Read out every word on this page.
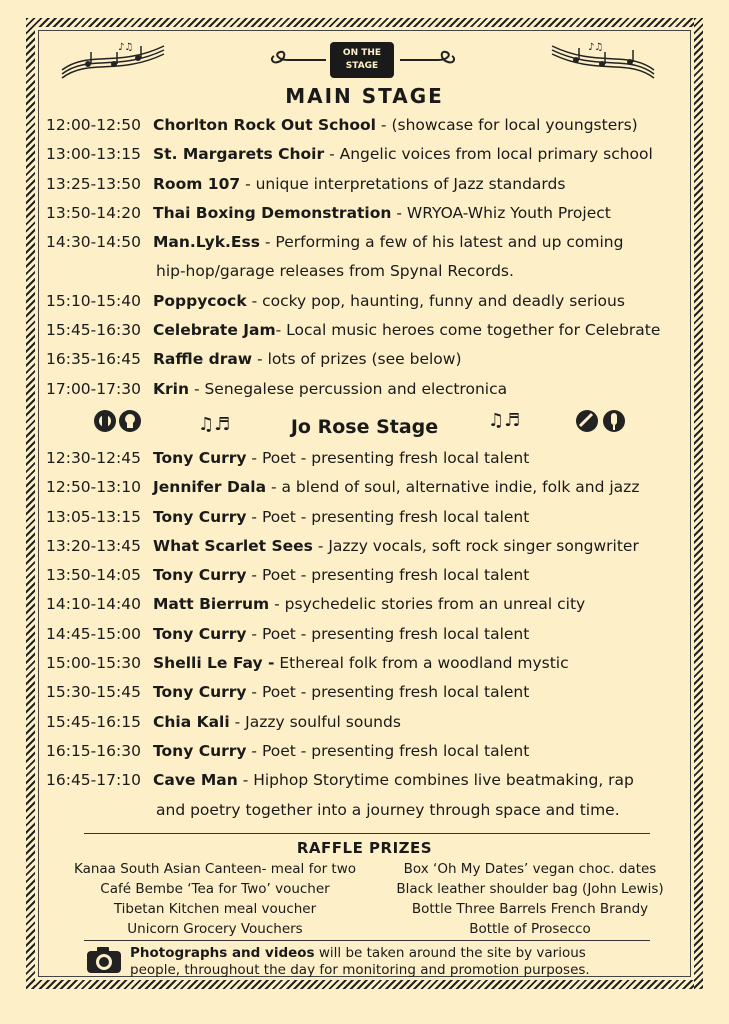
♪♫	♪♫
ON THE
STAGE
MAIN STAGE
12:00-12:50 Chorlton Rock Out School - (showcase for local youngsters)
13:00-13:15 St. Margarets Choir - Angelic voices from local primary school
13:25-13:50 Room 107 - unique interpretations of Jazz standards
13:50-14:20 Thai Boxing Demonstration - WRYOA-Whiz Youth Project
14:30-14:50 Man.Lyk.Ess - Performing a few of his latest and up coming
hip-hop/garage releases from Spynal Records.
15:10-15:40 Poppycock - cocky pop, haunting, funny and deadly serious
15:45-16:30 Celebrate Jam- Local music heroes come together for Celebrate
16:35-16:45 Raffle draw - lots of prizes (see below)
17:00-17:30 Krin - Senegalese percussion and electronica
♫♬	Jo Rose Stage	♫♬
12:30-12:45 Tony Curry - Poet - presenting fresh local talent
12:50-13:10 Jennifer Dala - a blend of soul, alternative indie, folk and jazz
13:05-13:15 Tony Curry - Poet - presenting fresh local talent
13:20-13:45 What Scarlet Sees - Jazzy vocals, soft rock singer songwriter
13:50-14:05 Tony Curry - Poet - presenting fresh local talent
14:10-14:40 Matt Bierrum - psychedelic stories from an unreal city
14:45-15:00 Tony Curry - Poet - presenting fresh local talent
15:00-15:30 Shelli Le Fay - Ethereal folk from a woodland mystic
15:30-15:45 Tony Curry - Poet - presenting fresh local talent
15:45-16:15 Chia Kali - Jazzy soulful sounds
16:15-16:30 Tony Curry - Poet - presenting fresh local talent
16:45-17:10 Cave Man - Hiphop Storytime combines live beatmaking, rap
and poetry together into a journey through space and time.
RAFFLE PRIZES
Kanaa South Asian Canteen- meal for two
Café Bembe ‘Tea for Two’ voucher
Tibetan Kitchen meal voucher
Unicorn Grocery Vouchers
Box ‘Oh My Dates’ vegan choc. dates
Black leather shoulder bag (John Lewis)
Bottle Three Barrels French Brandy
Bottle of Prosecco
Photographs and videos will be taken around the site by various
people, throughout the day for monitoring and promotion purposes.
